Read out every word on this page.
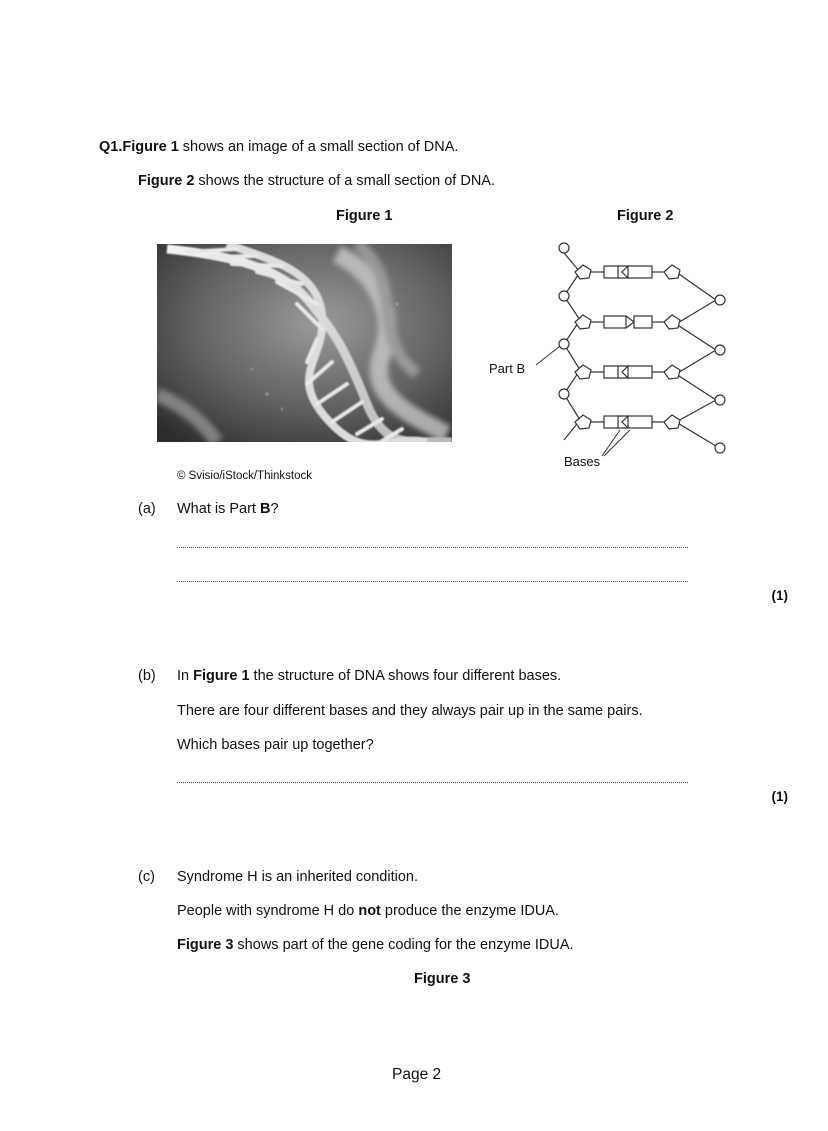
Q1.Figure 1 shows an image of a small section of DNA.
Figure 2 shows the structure of a small section of DNA.
Figure 1	Figure 2
Part B
Bases
© Svisio/iStock/Thinkstock
(a) What is Part B?
(1)
(b) In Figure 1 the structure of DNA shows four different bases.
There are four different bases and they always pair up in the same pairs.
Which bases pair up together?
(1)
(c) Syndrome H is an inherited condition.
People with syndrome H do not produce the enzyme IDUA.
Figure 3 shows part of the gene coding for the enzyme IDUA.
Figure 3
Page 2
